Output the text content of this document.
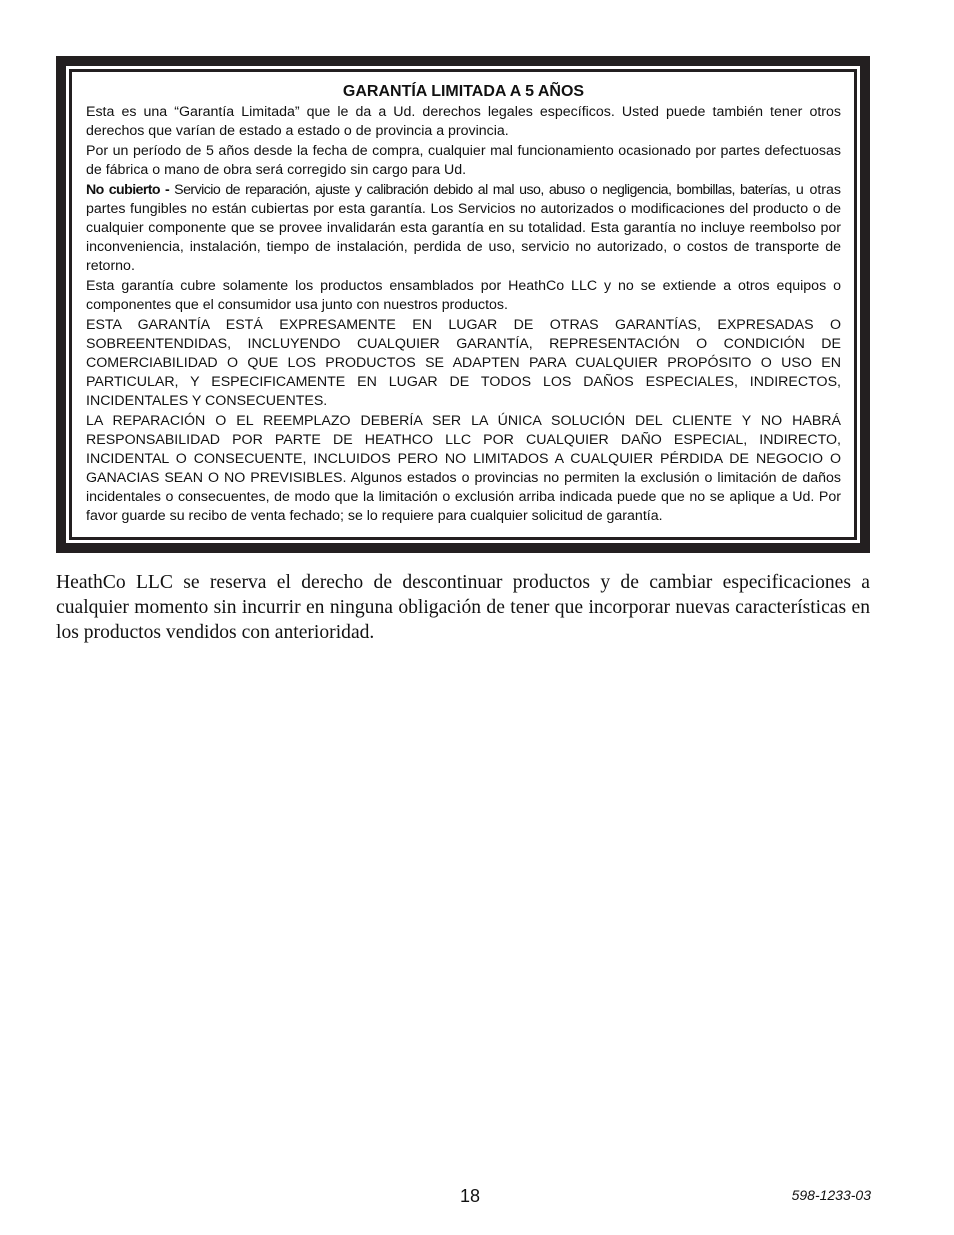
GARANTÍA LIMITADA A 5 AÑOS

Esta es una “Garantía Limitada” que le da a Ud. derechos legales específicos. Usted puede también tener otros derechos que varían de estado a estado o de provincia a provincia.

Por un período de 5 años desde la fecha de compra, cualquier mal funcionamiento ocasionado por partes defectuosas de fábrica o mano de obra será corregido sin cargo para Ud.

No cubierto - Servicio de reparación, ajuste y calibración debido al mal uso, abuso o negligencia, bombillas, baterías, u otras partes fungibles no están cubiertas por esta garantía. Los Servicios no autorizados o modificaciones del producto o de cualquier componente que se provee invalidarán esta garantía en su totalidad. Esta garantía no incluye reembolso por inconveniencia, instalación, tiempo de instalación, perdida de uso, servicio no autorizado, o costos de transporte de retorno.

Esta garantía cubre solamente los productos ensamblados por HeathCo LLC y no se extiende a otros equipos o componentes que el consumidor usa junto con nuestros productos.

ESTA GARANTÍA ESTÁ EXPRESAMENTE EN LUGAR DE OTRAS GARANTÍAS, EXPRESADAS O SOBREENTENDIDAS, INCLUYENDO CUALQUIER GARANTÍA, REPRESENTACIÓN O CONDICIÓN DE COMERCIABILIDAD O QUE LOS PRODUCTOS SE ADAPTEN PARA CUALQUIER PROPÓSITO O USO EN PARTICULAR, Y ESPECIFICAMENTE EN LUGAR DE TODOS LOS DAÑOS ESPECIALES, INDIRECTOS, INCIDENTALES Y CONSECUENTES.

LA REPARACIÓN O EL REEMPLAZO DEBERÍA SER LA ÚNICA SOLUCIÓN DEL CLIENTE Y NO HABRÁ RESPONSABILIDAD POR PARTE DE HEATHCO LLC POR CUALQUIER DAÑO ESPECIAL, INDIRECTO, INCIDENTAL O CONSECUENTE, INCLUIDOS PERO NO LIMITADOS A CUALQUIER PÉRDIDA DE NEGOCIO O GANACIAS SEAN O NO PREVISIBLES. Algunos estados o provincias no permiten la exclusión o limitación de daños incidentales o consecuentes, de modo que la limitación o exclusión arriba indicada puede que no se aplique a Ud. Por favor guarde su recibo de venta fechado; se lo requiere para cualquier solicitud de garantía.

HeathCo LLC se reserva el derecho de descontinuar productos y de cambiar especificaciones a cualquier momento sin incurrir en ninguna obligación de tener que incorporar nuevas características en los productos vendidos con anterioridad.

18	598-1233-03
